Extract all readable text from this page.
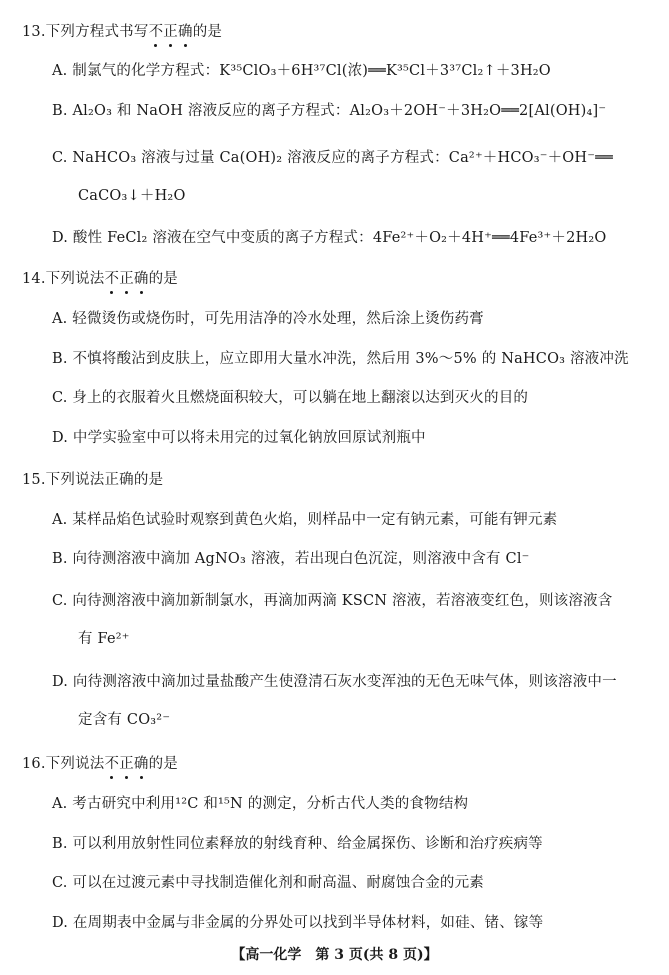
13.下列方程式书写不正确的是
A. 制氯气的化学方程式：K³⁵ClO₃＋6H³⁷Cl(浓)══K³⁵Cl＋3³⁷Cl₂↑＋3H₂O
B. Al₂O₃ 和 NaOH 溶液反应的离子方程式：Al₂O₃＋2OH⁻＋3H₂O══2[Al(OH)₄]⁻
C. NaHCO₃ 溶液与过量 Ca(OH)₂ 溶液反应的离子方程式：Ca²⁺＋HCO₃⁻＋OH⁻══
CaCO₃↓＋H₂O
D. 酸性 FeCl₂ 溶液在空气中变质的离子方程式：4Fe²⁺＋O₂＋4H⁺══4Fe³⁺＋2H₂O
14.下列说法不正确的是
A. 轻微烫伤或烧伤时，可先用洁净的冷水处理，然后涂上烫伤药膏
B. 不慎将酸沾到皮肤上，应立即用大量水冲洗，然后用 3%～5% 的 NaHCO₃ 溶液冲洗
C. 身上的衣服着火且燃烧面积较大，可以躺在地上翻滚以达到灭火的目的
D. 中学实验室中可以将未用完的过氧化钠放回原试剂瓶中
15.下列说法正确的是
A. 某样品焰色试验时观察到黄色火焰，则样品中一定有钠元素，可能有钾元素
B. 向待测溶液中滴加 AgNO₃ 溶液，若出现白色沉淀，则溶液中含有 Cl⁻
C. 向待测溶液中滴加新制氯水，再滴加两滴 KSCN 溶液，若溶液变红色，则该溶液含
有 Fe²⁺
D. 向待测溶液中滴加过量盐酸产生使澄清石灰水变浑浊的无色无味气体，则该溶液中一
定含有 CO₃²⁻
16.下列说法不正确的是
A. 考古研究中利用¹²C 和¹⁵N 的测定，分析古代人类的食物结构
B. 可以利用放射性同位素释放的射线育种、给金属探伤、诊断和治疗疾病等
C. 可以在过渡元素中寻找制造催化剂和耐高温、耐腐蚀合金的元素
D. 在周期表中金属与非金属的分界处可以找到半导体材料，如硅、锗、镓等
【高一化学　第 3 页(共 8 页)】
